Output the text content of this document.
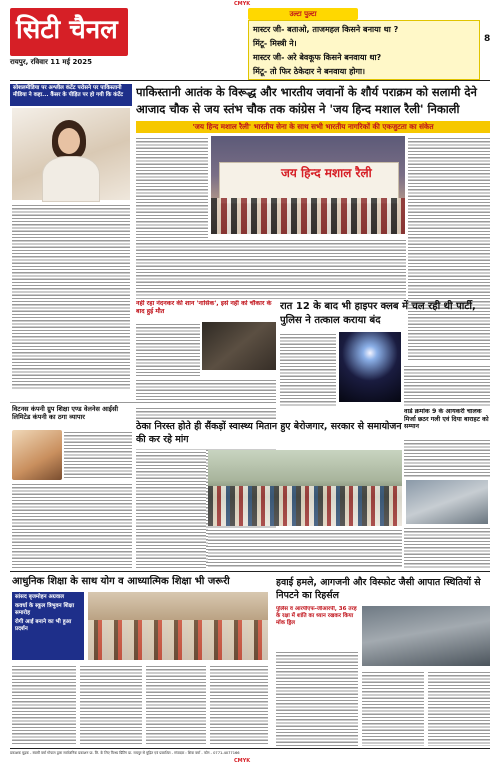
CMYK
CMYK
सिटी चैनल
रायपुर, रविवार 11 मई 2025
उल्टा पुल्टा
मास्टर जी- बताओ, ताजमहल किसने बनाया था ?
मिंटू- मिस्त्री ने।
मास्टर जी- अरे बेवकूफ किसने बनवाया था?
मिंटू- तो फिर ठेकेदार ने बनवाया होगा।
8
सोशलमीडिया पर अश्लील कंटेंट परोसने पर पाकिस्तानी मीडिया ने कहा... कैंसर के पीड़ित पर हो गयी कि कंटेंट	पाकिस्तानी आतंक के विरूद्ध और भारतीय जवानों के शौर्य पराक्रम को सलामी देने आजाद चौक से जय स्तंभ चौक तक कांग्रेस ने 'जय हिन्द मशाल रैली' निकाली
'जय हिन्द मशाल रैली' भारतीय सेना के साथ सभी भारतीय नागरिकों की एकजुटता का संकेत
जय हिन्द मशाल रैली
नहीं रहा नंदनकर की शान 'नासिक', इसे नहीं को चौंकार के बाद हुई मौत	रात 12 के बाद भी हाइपर क्लब में चल रही थी पार्टी, पुलिस ने तत्काल कराया बंद
विटनस कंपनी ग्रुप शिक्षा एण्ड वेलनेस आईसी लिमिटेड कंपनी का ठगा व्यापार
ठेका निरस्त होते ही सैंकड़ों स्वास्थ्य मितान हुए बेरोजगार, सरकार से समायोजन की कर रहे मांग
वार्ड क्रमांक 9 के आयकरी चालक मिर्जा छठर गली एवं दिया बाराहट को सम्मान
आधुनिक शिक्षा के साथ योग व आध्यात्मिक शिक्षा भी जरूरी
सांसद बृजमोहन अग्रवाल
कवर्धा के स्कूल त्रिभुवन शिक्षा समारोह
रोगी आई बनाने का भी हुआ प्रदर्शन
हवाई हमले, आगजनी और विस्फोट जैसी आपात स्थितियों से निपटने का रिहर्सल
पुलिस व आरपीएफ-जीआरपी, 36 तरह के रक्षा में शांति का ध्यान रखकर किया मॉक ड्रिल
प्रकाशक मुद्रक - स्वामी वर्मा गोपाल द्वारा सार्वजनिक प्रकाशन प्रा. लि. के लिए विन्ध्य प्रिंटिंग प्रा. रायपुर से मुद्रित एवं प्रकाशित - संपादक : शिवा वर्मा - फोन - 0771-4077166
